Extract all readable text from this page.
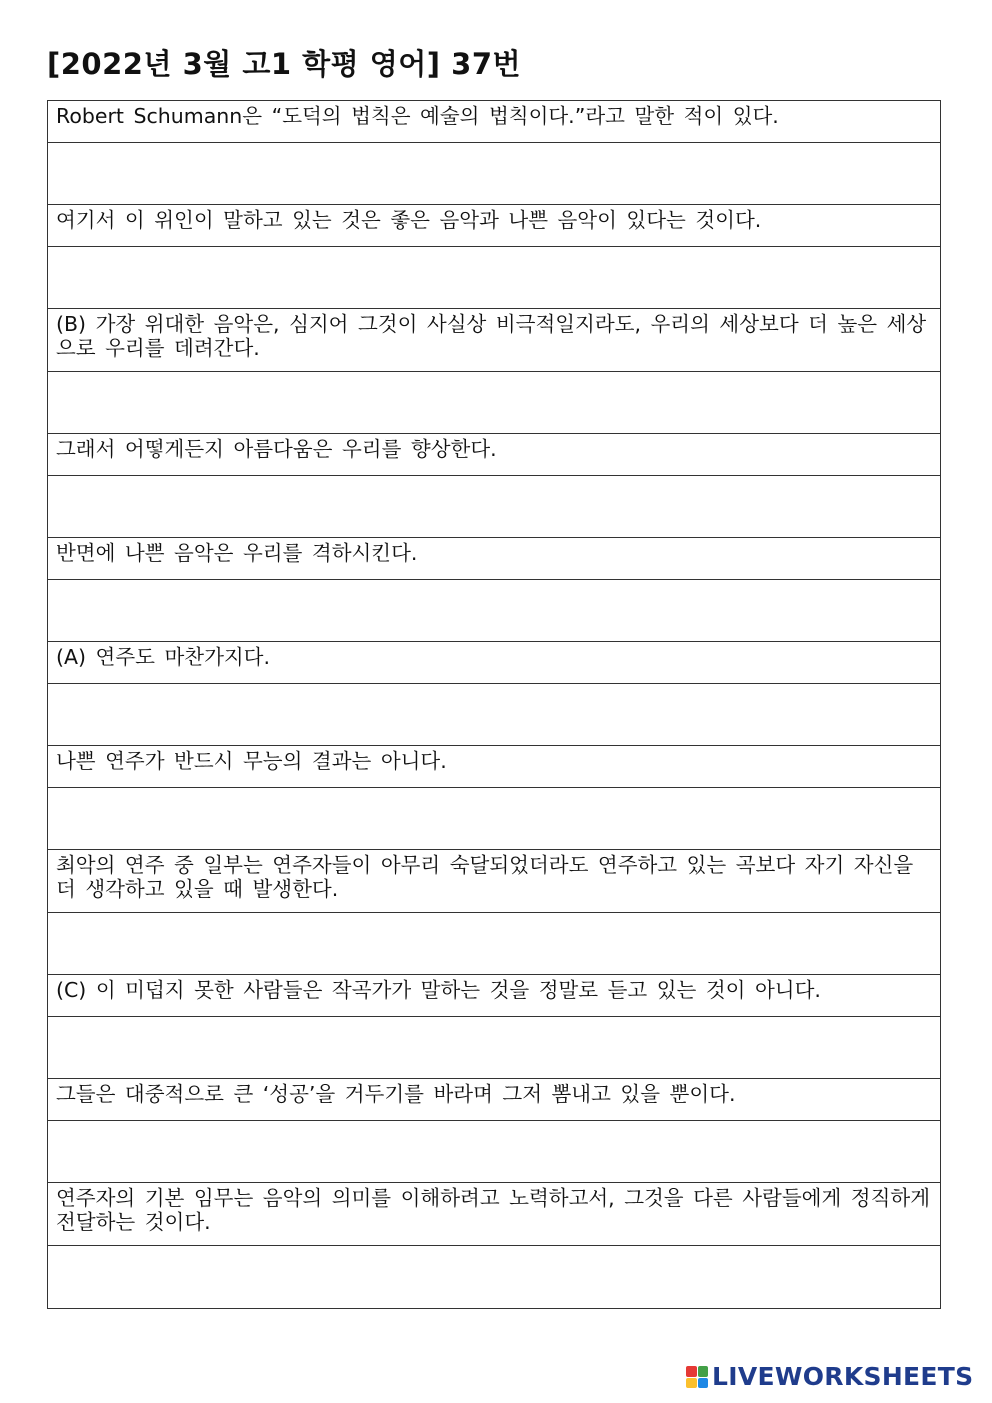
[2022년 3월 고1 학평 영어] 37번
Robert Schumann은 “도덕의 법칙은 예술의 법칙이다.”라고 말한 적이 있다.
여기서 이 위인이 말하고 있는 것은 좋은 음악과 나쁜 음악이 있다는 것이다.
(B) 가장 위대한 음악은, 심지어 그것이 사실상 비극적일지라도, 우리의 세상보다 더 높은 세상으로 우리를 데려간다.
그래서 어떻게든지 아름다움은 우리를 향상한다.
반면에 나쁜 음악은 우리를 격하시킨다.
(A) 연주도 마찬가지다.
나쁜 연주가 반드시 무능의 결과는 아니다.
최악의 연주 중 일부는 연주자들이 아무리 숙달되었더라도 연주하고 있는 곡보다 자기 자신을 더 생각하고 있을 때 발생한다.
(C) 이 미덥지 못한 사람들은 작곡가가 말하는 것을 정말로 듣고 있는 것이 아니다.
그들은 대중적으로 큰 ‘성공’을 거두기를 바라며 그저 뽐내고 있을 뿐이다.
연주자의 기본 임무는 음악의 의미를 이해하려고 노력하고서, 그것을 다른 사람들에게 정직하게 전달하는 것이다.
LIVEWORKSHEETS
